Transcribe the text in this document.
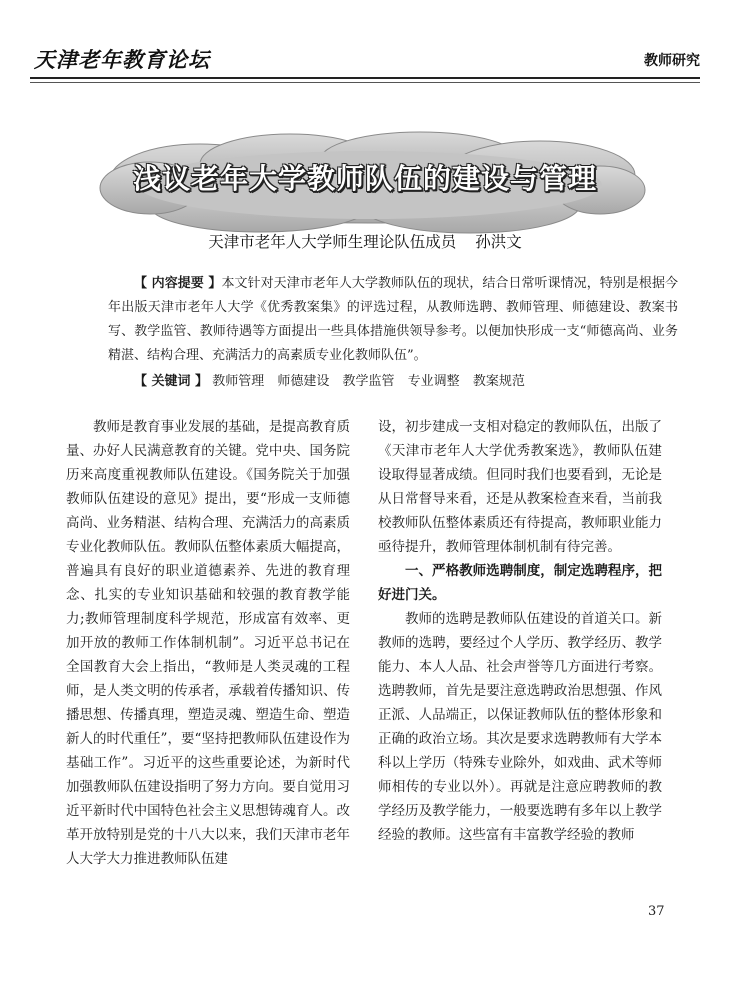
天津老年教育论坛	教师研究
浅议老年大学教师队伍的建设与管理
天津市老年人大学师生理论队伍成员 孙洪文
【 内容提要 】本文针对天津市老年人大学教师队伍的现状，结合日常听课情况，特别是根据今年出版天津市老年人大学《优秀教案集》的评选过程，从教师选聘、教师管理、师德建设、教案书写、教学监管、教师待遇等方面提出一些具体措施供领导参考。以便加快形成一支“师德高尚、业务精湛、结构合理、充满活力的高素质专业化教师队伍”。
【 关键词 】 教师管理 师德建设 教学监管 专业调整 教案规范

教师是教育事业发展的基础，是提高教育质量、办好人民满意教育的关键。党中央、国务院历来高度重视教师队伍建设。《国务院关于加强教师队伍建设的意见》提出，要“形成一支师德高尚、业务精湛、结构合理、充满活力的高素质专业化教师队伍。教师队伍整体素质大幅提高，普遍具有良好的职业道德素养、先进的教育理念、扎实的专业知识基础和较强的教育教学能力;教师管理制度科学规范，形成富有效率、更加开放的教师工作体制机制”。习近平总书记在全国教育大会上指出，“教师是人类灵魂的工程师，是人类文明的传承者，承载着传播知识、传播思想、传播真理，塑造灵魂、塑造生命、塑造新人的时代重任”，要“坚持把教师队伍建设作为基础工作”。习近平的这些重要论述，为新时代加强教师队伍建设指明了努力方向。要自觉用习近平新时代中国特色社会主义思想铸魂育人。改革开放特别是党的十八大以来，我们天津市老年人大学大力推进教师队伍建

设，初步建成一支相对稳定的教师队伍，出版了《天津市老年人大学优秀教案选》，教师队伍建设取得显著成绩。但同时我们也要看到，无论是从日常督导来看，还是从教案检查来看，当前我校教师队伍整体素质还有待提高，教师职业能力亟待提升，教师管理体制机制有待完善。

一、严格教师选聘制度，制定选聘程序，把好进门关。

教师的选聘是教师队伍建设的首道关口。新教师的选聘，要经过个人学历、教学经历、教学能力、本人人品、社会声誉等几方面进行考察。选聘教师，首先是要注意选聘政治思想强、作风正派、人品端正，以保证教师队伍的整体形象和正确的政治立场。其次是要求选聘教师有大学本科以上学历（特殊专业除外，如戏曲、武术等师师相传的专业以外）。再就是注意应聘教师的教学经历及教学能力，一般要选聘有多年以上教学经验的教师。这些富有丰富教学经验的教师

37
